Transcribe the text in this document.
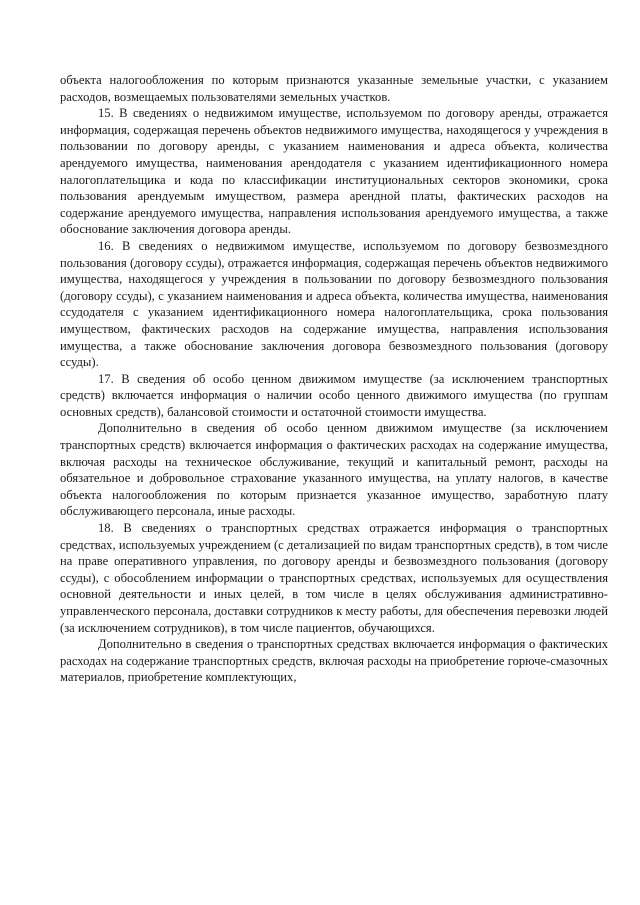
объекта налогообложения по которым признаются указанные земельные участки, с указанием расходов, возмещаемых пользователями земельных участков.

15. В сведениях о недвижимом имуществе, используемом по договору аренды, отражается информация, содержащая перечень объектов недвижимого имущества, находящегося у учреждения в пользовании по договору аренды, с указанием наименования и адреса объекта, количества арендуемого имущества, наименования арендодателя с указанием идентификационного номера налогоплательщика и кода по классификации институциональных секторов экономики, срока пользования арендуемым имуществом, размера арендной платы, фактических расходов на содержание арендуемого имущества, направления использования арендуемого имущества, а также обоснование заключения договора аренды.

16. В сведениях о недвижимом имуществе, используемом по договору безвозмездного пользования (договору ссуды), отражается информация, содержащая перечень объектов недвижимого имущества, находящегося у учреждения в пользовании по договору безвозмездного пользования (договору ссуды), с указанием наименования и адреса объекта, количества имущества, наименования ссудодателя с указанием идентификационного номера налогоплательщика, срока пользования имуществом, фактических расходов на содержание имущества, направления использования имущества, а также обоснование заключения договора безвозмездного пользования (договору ссуды).

17. В сведения об особо ценном движимом имуществе (за исключением транспортных средств) включается информация о наличии особо ценного движимого имущества (по группам основных средств), балансовой стоимости и остаточной стоимости имущества.

Дополнительно в сведения об особо ценном движимом имуществе (за исключением транспортных средств) включается информация о фактических расходах на содержание имущества, включая расходы на техническое обслуживание, текущий и капитальный ремонт, расходы на обязательное и добровольное страхование указанного имущества, на уплату налогов, в качестве объекта налогообложения по которым признается указанное имущество, заработную плату обслуживающего персонала, иные расходы.

18. В сведениях о транспортных средствах отражается информация о транспортных средствах, используемых учреждением (с детализацией по видам транспортных средств), в том числе на праве оперативного управления, по договору аренды и безвозмездного пользования (договору ссуды), с обособлением информации о транспортных средствах, используемых для осуществления основной деятельности и иных целей, в том числе в целях обслуживания административно-управленческого персонала, доставки сотрудников к месту работы, для обеспечения перевозки людей (за исключением сотрудников), в том числе пациентов, обучающихся.

Дополнительно в сведения о транспортных средствах включается информация о фактических расходах на содержание транспортных средств, включая расходы на приобретение горюче-смазочных материалов, приобретение комплектующих,
